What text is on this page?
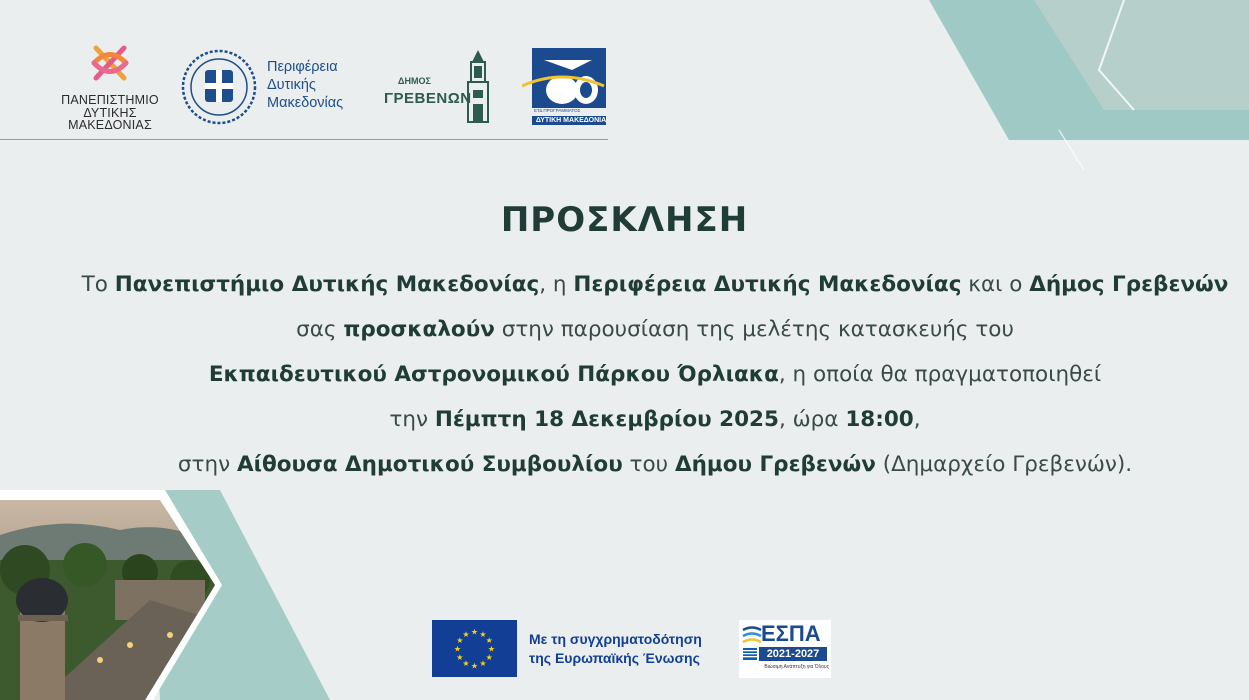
ΠΑΝΕΠΙΣΤΗΜΙΟ
ΔΥΤΙΚΗΣ
ΜΑΚΕΔΟΝΙΑΣ
Περιφέρεια
Δυτικής
Μακεδονίας
ΔΗΜΟΣ
ΓΡΕΒΕΝΩΝ
ΕΤΔ ΠΡΟΓΡΑΜΜΑΤΟΣ
ΔΥΤΙΚΗ ΜΑΚΕΔΟΝΙΑ
ΠΡΟΣΚΛΗΣΗ
Το Πανεπιστήμιο Δυτικής Μακεδονίας, η Περιφέρεια Δυτικής Μακεδονίας και ο Δήμος Γρεβενών
σας προσκαλούν στην παρουσίαση της μελέτης κατασκευής του
Εκπαιδευτικού Αστρονομικού Πάρκου Όρλιακα, η οποία θα πραγματοποιηθεί
την Πέμπτη 18 Δεκεμβρίου 2025, ώρα 18:00,
στην Αίθουσα Δημοτικού Συμβουλίου του Δήμου Γρεβενών (Δημαρχείο Γρεβενών).
★
★
★
★
★
★
★
★
★ ★ ★
★	Με τη συγχρηματοδότηση
της Ευρωπαϊκής Ένωσης
ΕΣΠΑ
2021-2027
Βιώσιμη Ανάπτυξη για Όλους
